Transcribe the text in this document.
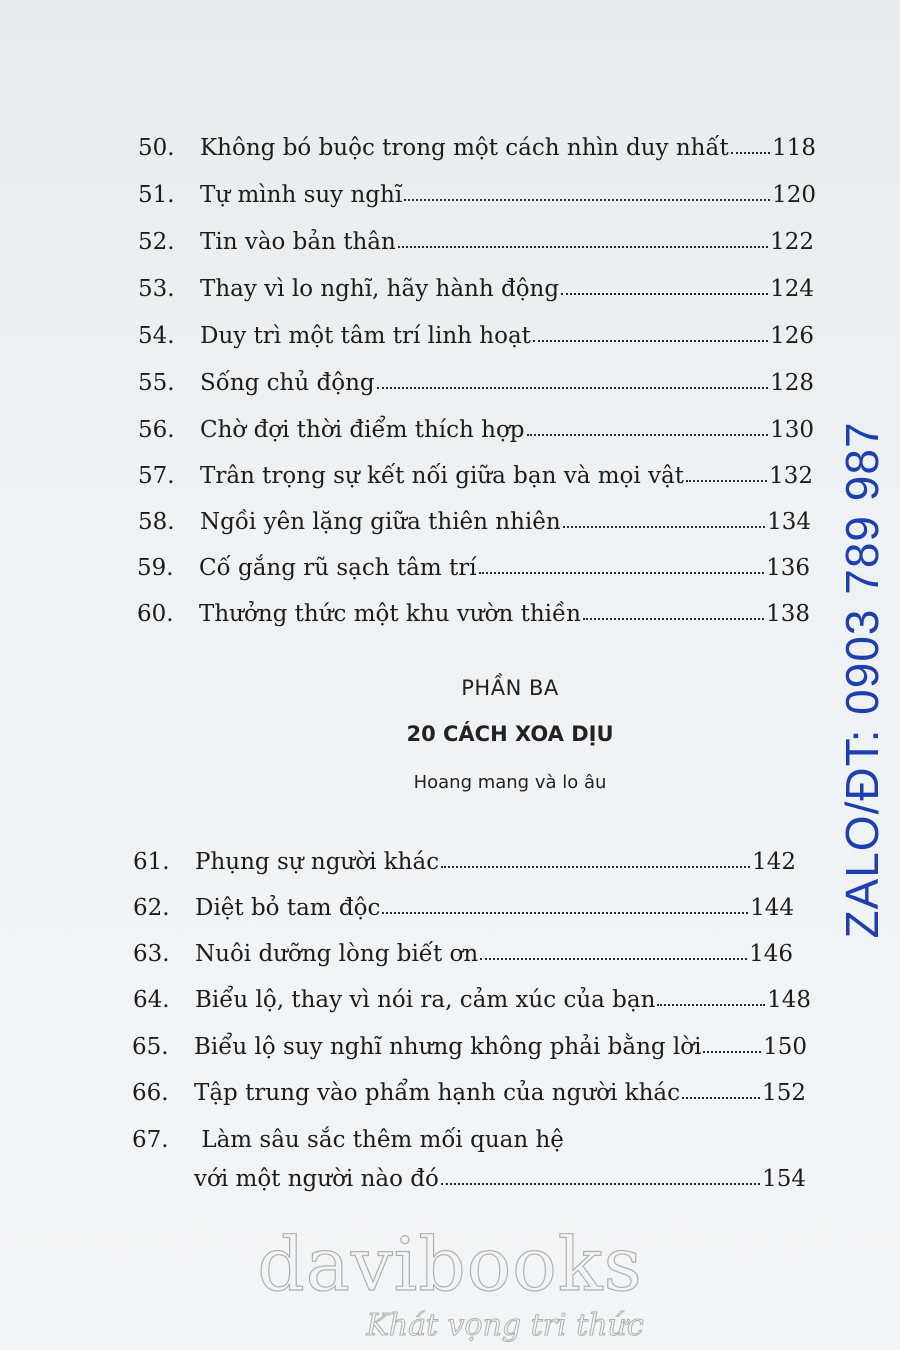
50.	Không bó buộc trong một cách nhìn duy nhất 118
51.	Tự mình suy nghĩ	120
52.	Tin vào bản thân	122
53.	Thay vì lo nghĩ, hãy hành động	124
54.	Duy trì một tâm trí linh hoạt	126
55.	Sống chủ động	128
56.	Chờ đợi thời điểm thích hợp	130
57.	Trân trọng sự kết nối giữa bạn và mọi vật	132
58.	Ngồi yên lặng giữa thiên nhiên	134
59.	Cố gắng rũ sạch tâm trí	136
60.	Thưởng thức một khu vườn thiền	138
PHẦN BA
20 CÁCH XOA DỊU
Hoang mang và lo âu
61.	Phụng sự người khác	142
62.	Diệt bỏ tam độc	144
63.	Nuôi dưỡng lòng biết ơn	146
64.	Biểu lộ, thay vì nói ra, cảm xúc của bạn	148
65.	Biểu lộ suy nghĩ nhưng không phải bằng lời	150
66.	Tập trung vào phẩm hạnh của người khác	152
67. Làm sâu sắc thêm mối quan hệ
với một người nào đó	154
ZALO/ĐT: 0903 789 987
davibooks
Khát vọng tri thức
